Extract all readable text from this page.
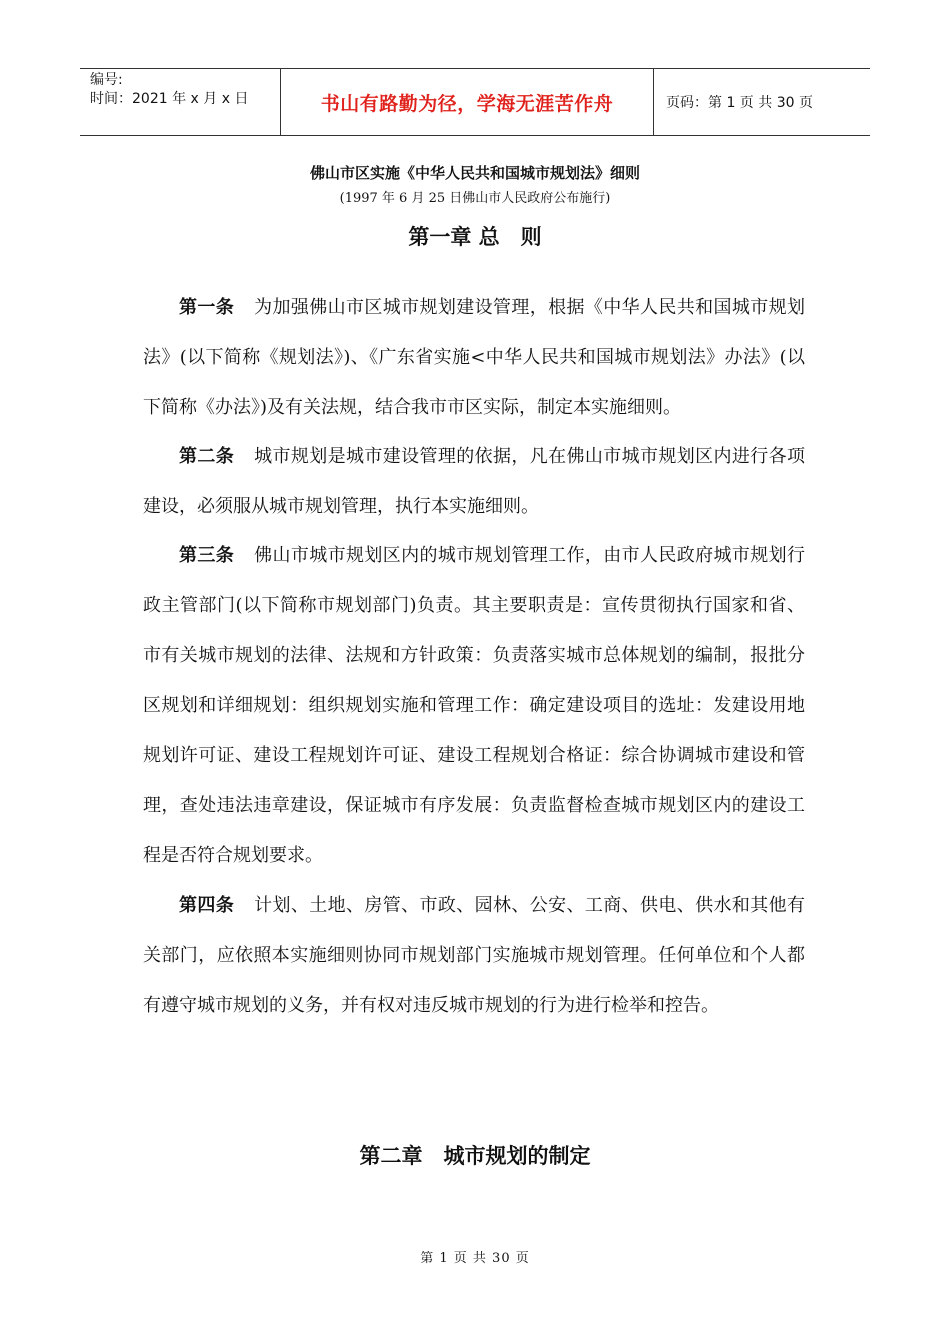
编号:
时间：2021 年 x 月 x 日	书山有路勤为径，学海无涯苦作舟	页码：第 1 页 共 30 页
佛山市区实施《中华人民共和国城市规划法》细则
(1997 年 6 月 25 日佛山市人民政府公布施行)
第一章 总　则

第一条 为加强佛山市区城市规划建设管理，根据《中华人民共和国城市规划法》(以下简称《规划法》)、《广东省实施<中华人民共和国城市规划法》办法》(以下简称《办法》)及有关法规，结合我市市区实际，制定本实施细则。

第二条 城市规划是城市建设管理的依据，凡在佛山市城市规划区内进行各项建设，必须服从城市规划管理，执行本实施细则。

第三条 佛山市城市规划区内的城市规划管理工作，由市人民政府城市规划行政主管部门(以下简称市规划部门)负责。其主要职责是：宣传贯彻执行国家和省、市有关城市规划的法律、法规和方针政策：负责落实城市总体规划的编制，报批分区规划和详细规划：组织规划实施和管理工作：确定建设项目的选址：发建设用地规划许可证、建设工程规划许可证、建设工程规划合格证：综合协调城市建设和管理，查处违法违章建设，保证城市有序发展：负责监督检查城市规划区内的建设工程是否符合规划要求。

第四条 计划、土地、房管、市政、园林、公安、工商、供电、供水和其他有关部门，应依照本实施细则协同市规划部门实施城市规划管理。任何单位和个人都有遵守城市规划的义务，并有权对违反城市规划的行为进行检举和控告。

第二章　城市规划的制定
第 1 页 共 30 页
